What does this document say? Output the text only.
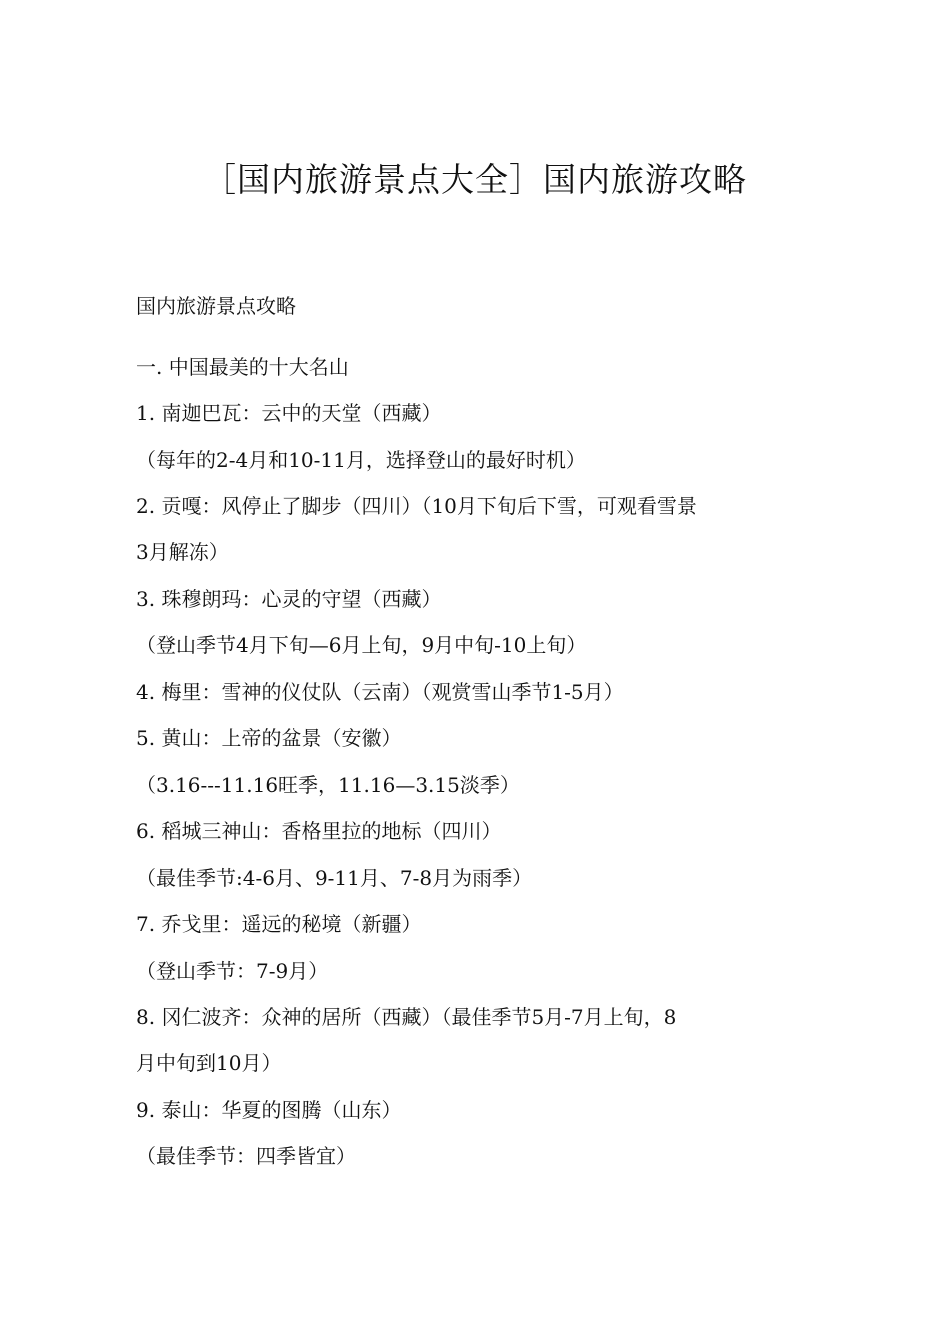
［国内旅游景点大全］国内旅游攻略
国内旅游景点攻略
一. 中国最美的十大名山
1. 南迦巴瓦：云中的天堂（西藏）
（每年的2-4月和10-11月，选择登山的最好时机）
2. 贡嘎：风停止了脚步（四川）（10月下旬后下雪，可观看雪景
3月解冻）
3. 珠穆朗玛：心灵的守望（西藏）
（登山季节4月下旬—6月上旬，9月中旬-10上旬）
4. 梅里：雪神的仪仗队（云南）（观赏雪山季节1-5月）
5. 黄山：上帝的盆景（安徽）
（3.16---11.16旺季，11.16—3.15淡季）
6. 稻城三神山：香格里拉的地标（四川）
（最佳季节:4-6月、9-11月、7-8月为雨季）
7. 乔戈里：遥远的秘境（新疆）
（登山季节：7-9月）
8. 冈仁波齐：众神的居所（西藏）（最佳季节5月-7月上旬，8
月中旬到10月）
9. 泰山：华夏的图腾（山东）
（最佳季节：四季皆宜）
